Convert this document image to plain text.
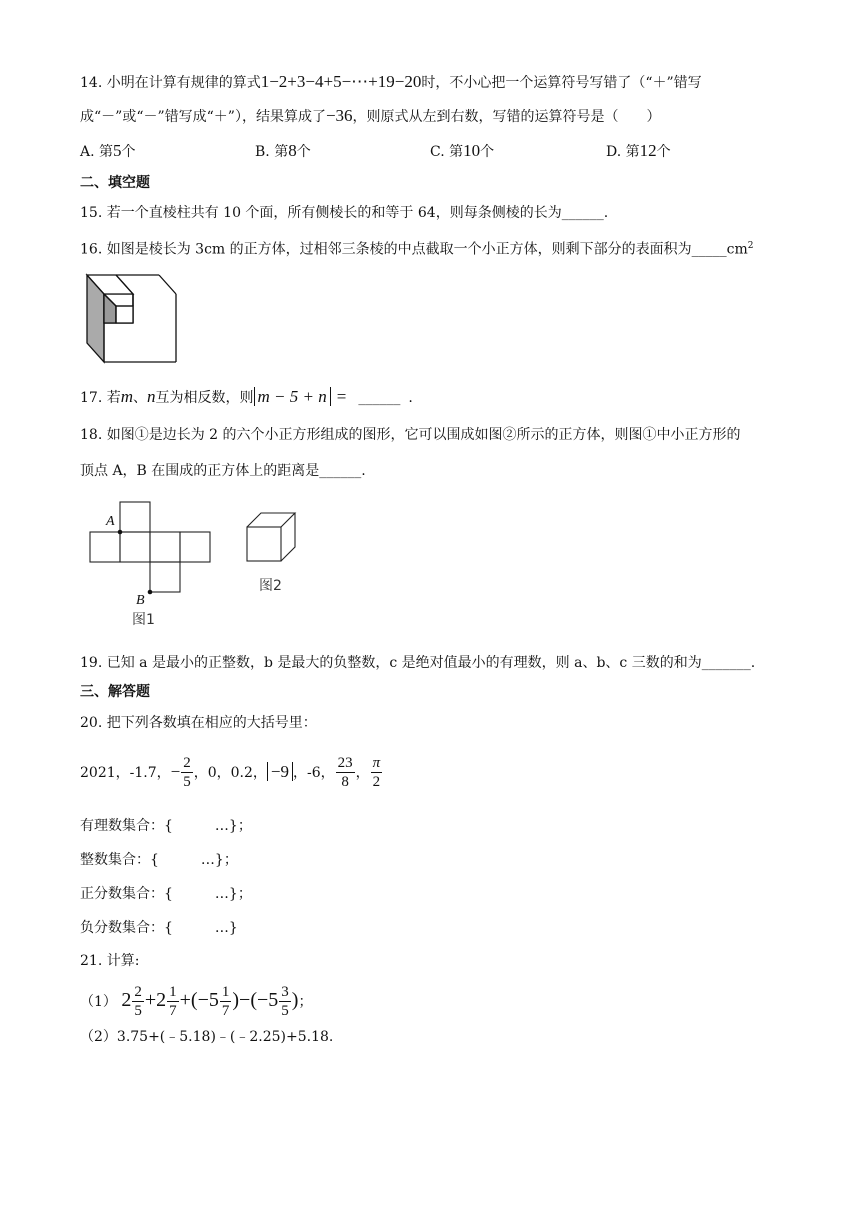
14. 小明在计算有规律的算式1−2+3−4+5−⋯+19−20时，不小心把一个运算符号写错了（“＋”错写
成“－”或“－”错写成“＋”），结果算成了−36，则原式从左到右数，写错的运算符号是（　　）
A. 第5个	B. 第8个	C. 第10个	D. 第12个
二、填空题
15. 若一个直棱柱共有 10 个面，所有侧棱长的和等于 64，则每条侧棱的长为______.
16. 如图是棱长为 3cm 的正方体，过相邻三条棱的中点截取一个小正方体，则剩下部分的表面积为$\_\_\_\_\_cm^2$
17. 若m、n互为相反数，则 m − 5 + n = ______ .
18. 如图①是边长为 2 的六个小正方形组成的图形，它可以围成如图②所示的正方体，则图①中小正方形的
顶点 A，B 在围成的正方体上的距离是______.
A
B
图1
图2
19. 已知 a 是最小的正整数，b 是最大的负整数，c 是绝对值最小的有理数，则 a、b、c 三数的和为_______.
三、解答题
20. 把下列各数填在相应的大括号里：
2021，-1.7，− $\frac{2}{5}$ ，0，0.2， −9 ，-6， $\frac{23}{8}$ ， $\frac{\pi}{2}$
有理数集合：{　　　…}；
整数集合：{　　　…}；
正分数集合：{　　　…}；
负分数集合：{　　　…}
21. 计算:
（1） $2 \frac{2}{5} +2 \frac{1}{7} +(-5 \frac{1}{7} )-(-5 \frac{3}{5}$ )；
（2）3.75+(﹣5.18)﹣(﹣2.25)+5.18.
